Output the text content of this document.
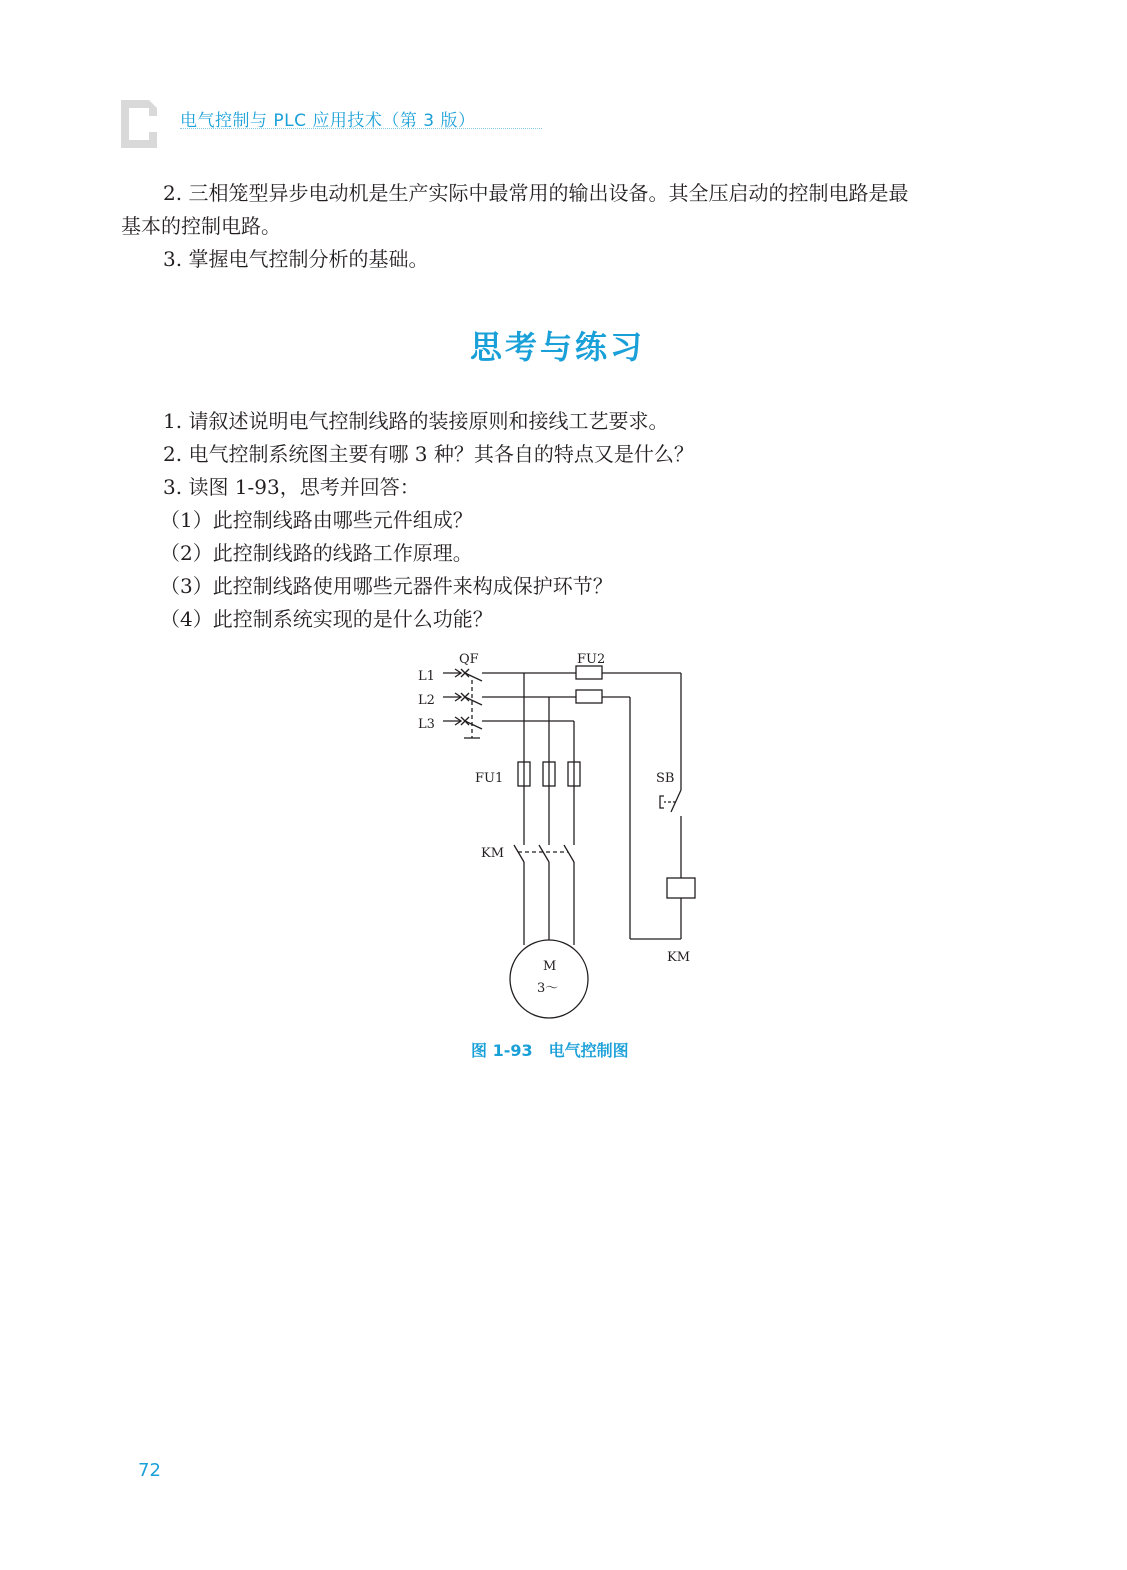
电气控制与 PLC 应用技术（第 3 版）
2. 三相笼型异步电动机是生产实际中最常用的输出设备。其全压启动的控制电路是最
基本的控制电路。
3. 掌握电气控制分析的基础。
思考与练习
1. 请叙述说明电气控制线路的装接原则和接线工艺要求。
2. 电气控制系统图主要有哪 3 种？其各自的特点又是什么？
3. 读图 1-93，思考并回答：
（1）此控制线路由哪些元件组成？
（2）此控制线路的线路工作原理。
（3）此控制线路使用哪些元器件来构成保护环节？
（4）此控制系统实现的是什么功能？
QF	FU2
L1
L2
L3
FU1	SB
KM
KM
M
3～
图 1-93 电气控制图
72
